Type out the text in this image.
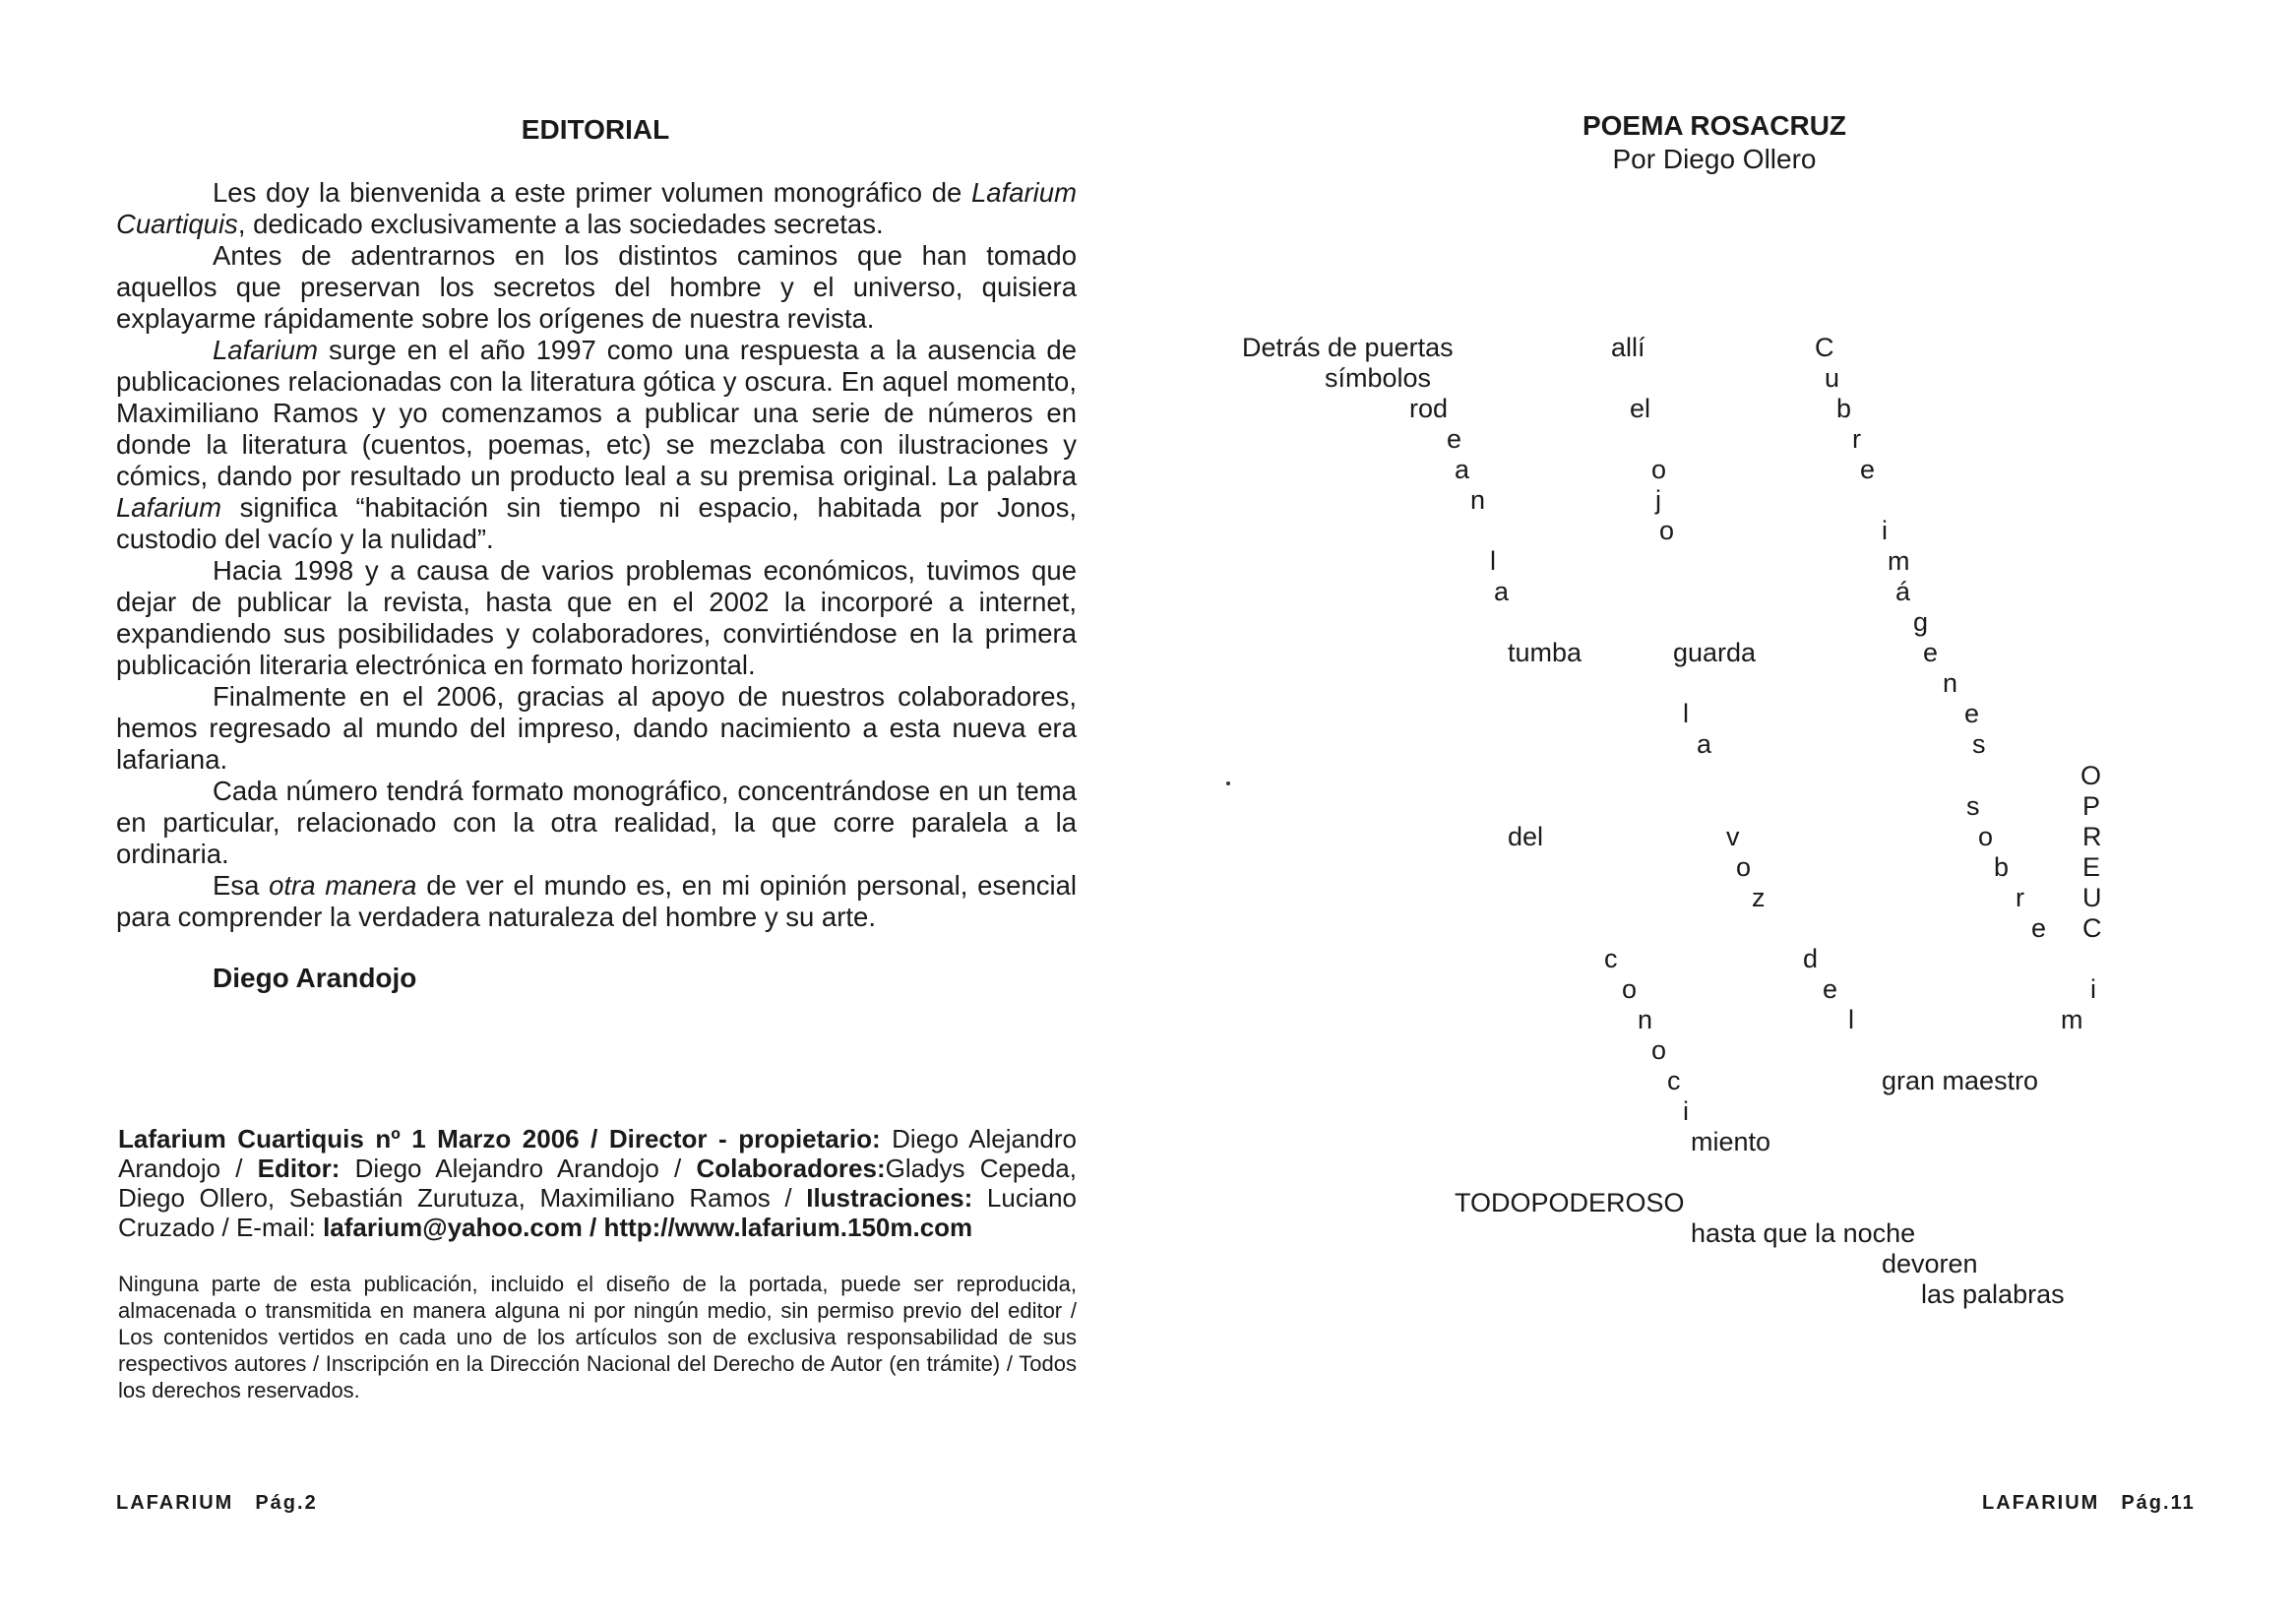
EDITORIAL

Les doy la bienvenida a este primer volumen monográfico de Lafarium Cuartiquis, dedicado exclusivamente a las sociedades secretas.

Antes de adentrarnos en los distintos caminos que han tomado aquellos que preservan los secretos del hombre y el universo, quisiera explayarme rápidamente sobre los orígenes de nuestra revista.

Lafarium surge en el año 1997 como una respuesta a la ausencia de publicaciones relacionadas con la literatura gótica y oscura. En aquel momento, Maximiliano Ramos y yo comenzamos a publicar una serie de números en donde la literatura (cuentos, poemas, etc) se mezclaba con ilustraciones y cómics, dando por resultado un producto leal a su premisa original. La palabra Lafarium significa “habitación sin tiempo ni espacio, habitada por Jonos, custodio del vacío y la nulidad”.

Hacia 1998 y a causa de varios problemas económicos, tuvimos que dejar de publicar la revista, hasta que en el 2002 la incorporé a internet, expandiendo sus posibilidades y colaboradores, convirtiéndose en la primera publicación literaria electrónica en formato horizontal.

Finalmente en el 2006, gracias al apoyo de nuestros colaboradores, hemos regresado al mundo del impreso, dando nacimiento a esta nueva era lafariana.

Cada número tendrá formato monográfico, concentrándose en un tema en particular, relacionado con la otra realidad, la que corre paralela a la ordinaria.

Esa otra manera de ver el mundo es, en mi opinión personal, esencial para comprender la verdadera naturaleza del hombre y su arte.

Diego Arandojo
Lafarium Cuartiquis nº 1 Marzo 2006 / Director - propietario: Diego Alejandro Arandojo / Editor: Diego Alejandro Arandojo / Colaboradores:Gladys Cepeda, Diego Ollero, Sebastián Zurutuza, Maximiliano Ramos / Ilustraciones: Luciano Cruzado / E-mail: lafarium@yahoo.com / http://www.lafarium.150m.com
Ninguna parte de esta publicación, incluido el diseño de la portada, puede ser reproducida, almacenada o transmitida en manera alguna ni por ningún medio, sin permiso previo del editor / Los contenidos vertidos en cada uno de los artículos son de exclusiva responsabilidad de sus respectivos autores / Inscripción en la Dirección Nacional del Derecho de Autor (en trámite) / Todos los derechos reservados.
LAFARIUM Pág.2
POEMA ROSACRUZ
Por Diego Ollero
Detrás de puertas
símbolos
rod
e
a
n
l
a
tumba
del
allí
el
o
j
o
guarda
l
a
v
o
z
C
u
b
r
e
i
m
á
g
e
n
e
s
s
o
b
r
e
O
P
R
E
U
C
i
m
c
o
n
o
c
i
miento
d
e
l
gran maestro
TODOPODEROSO
hasta que la noche
devoren
las palabras
LAFARIUM Pág.11
